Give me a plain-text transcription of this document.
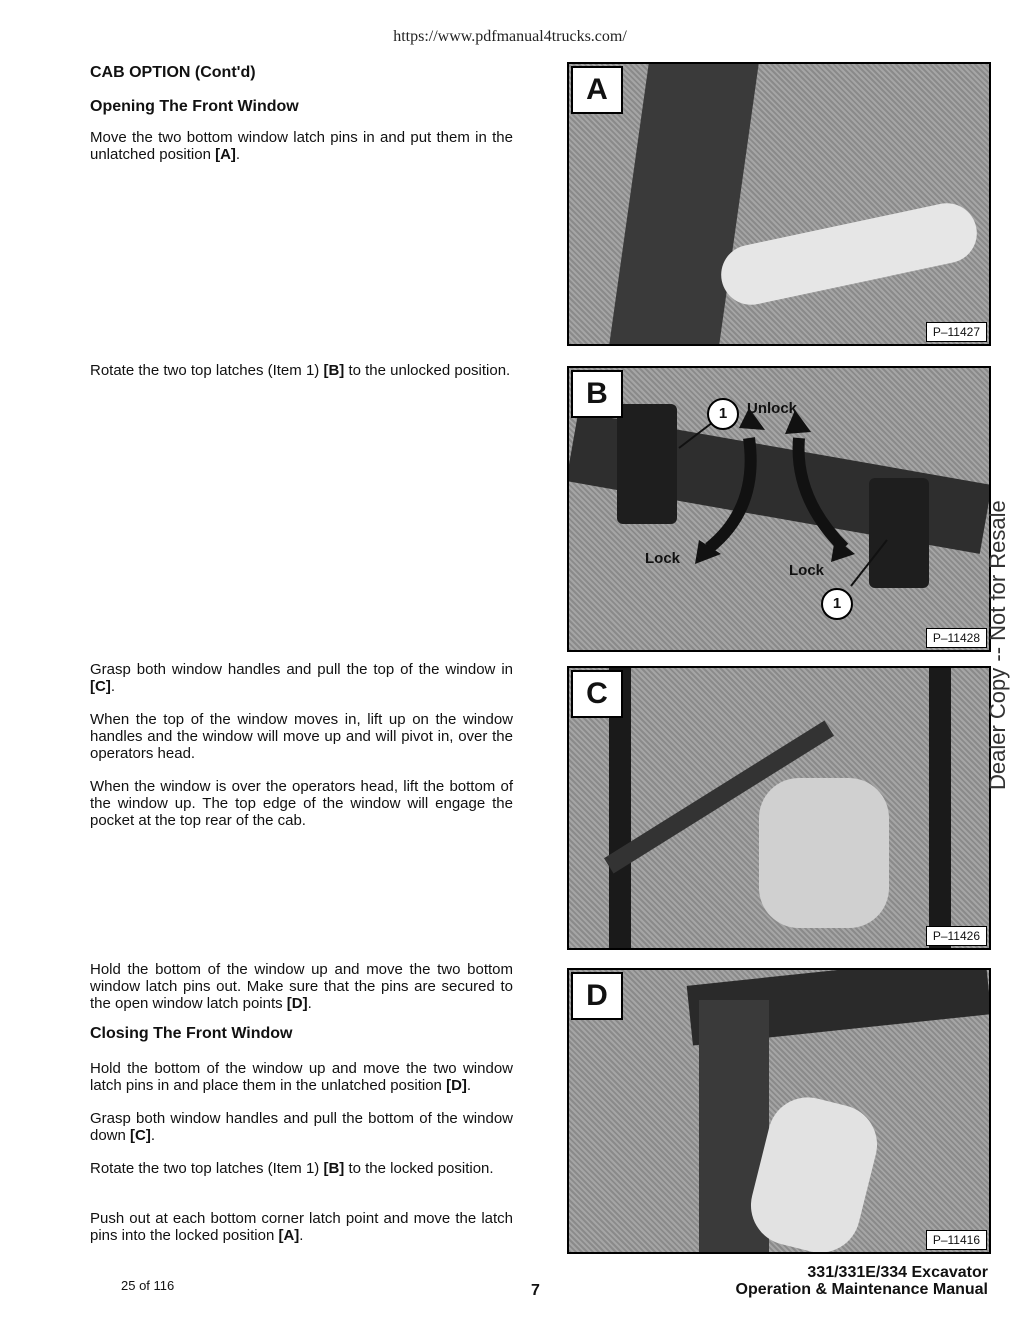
https://www.pdfmanual4trucks.com/
CAB OPTION (Cont'd)
Opening The Front Window

Move the two bottom window latch pins in and put them in the unlatched position [A].

Rotate the two top latches (Item 1) [B] to the unlocked position.

Grasp both window handles and pull the top of the window in [C].

When the top of the window moves in, lift up on the window handles and the window will move up and will pivot in, over the operators head.

When the window is over the operators head, lift the bottom of the window up. The top edge of the window will engage the pocket at the top rear of the cab.

Hold the bottom of the window up and move the two bottom window latch pins out. Make sure that the pins are secured to the open window latch points [D].

Closing The Front Window

Hold the bottom of the window up and move the two window latch pins in and place them in the unlatched position [D].

Grasp both window handles and pull the bottom of the window down [C].

Rotate the two top latches (Item 1) [B] to the locked position.

Push out at each bottom corner latch point and move the latch pins into the locked position [A].

A
P–11427
1
1
Unlock
Lock
Lock
B
P–11428
C
P–11426
D
P–11416
Dealer Copy -- Not for Resale
25 of 116	7
331/331E/334 Excavator
Operation & Maintenance Manual
